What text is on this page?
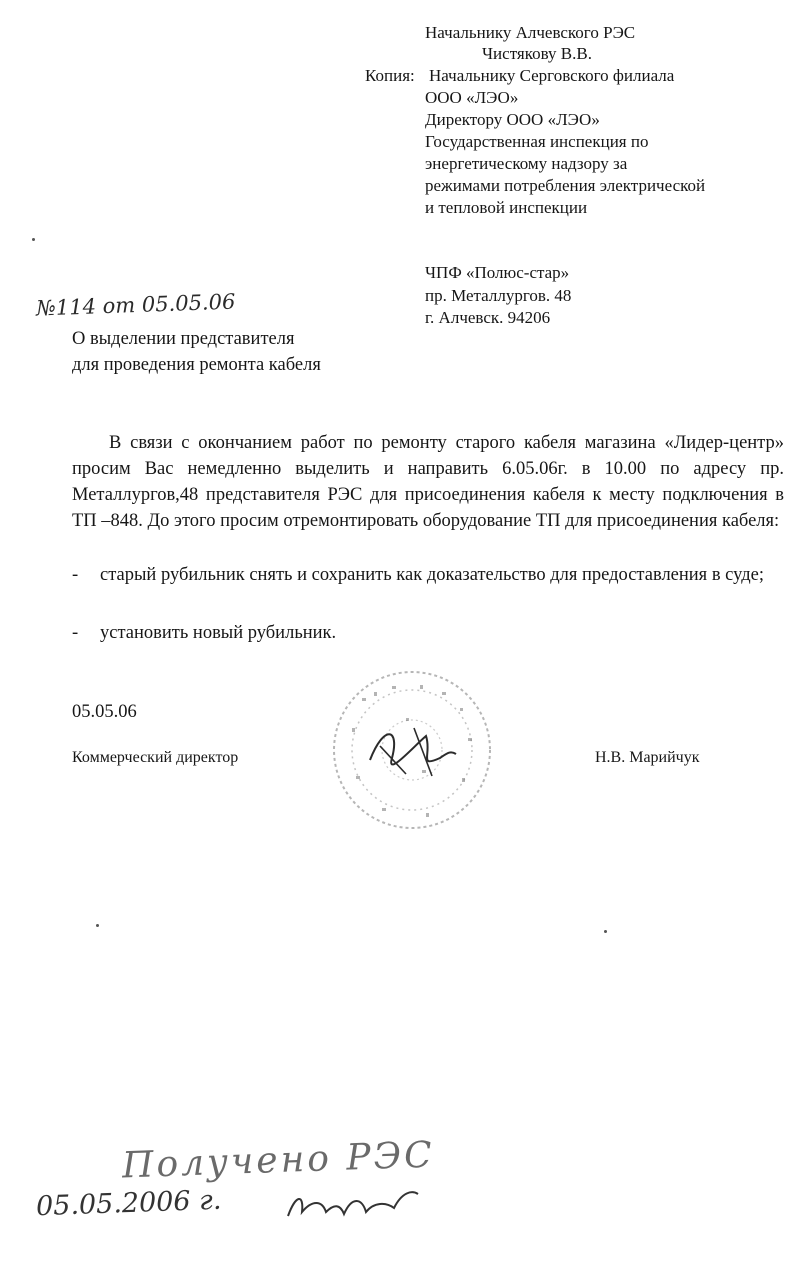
Начальнику Алчевского РЭС
Чистякову В.В.
Копия: Начальнику Серговского филиала
ООО «ЛЭО»
Директору ООО «ЛЭО»
Государственная инспекция по
энергетическому надзору за
режимами потребления электрической
и тепловой инспекции
ЧПФ «Полюс-стар»
пр. Металлургов. 48
г. Алчевск. 94206
№114 от 05.05.06
О выделении представителя
для проведения ремонта кабеля
В связи с окончанием работ по ремонту старого кабеля магазина «Лидер-центр» просим Вас немедленно выделить и направить 6.05.06г. в 10.00 по адресу пр. Металлургов,48 представителя РЭС для присоединения кабеля к месту подключения в ТП –848. До этого просим отремонтировать оборудование ТП для присоединения кабеля:
- старый рубильник снять и сохранить как доказательство для предоставления в суде;
- установить новый рубильник.
05.05.06
Коммерческий директор	Н.В. Марийчук
Получено РЭС
05.05.2006 г.
